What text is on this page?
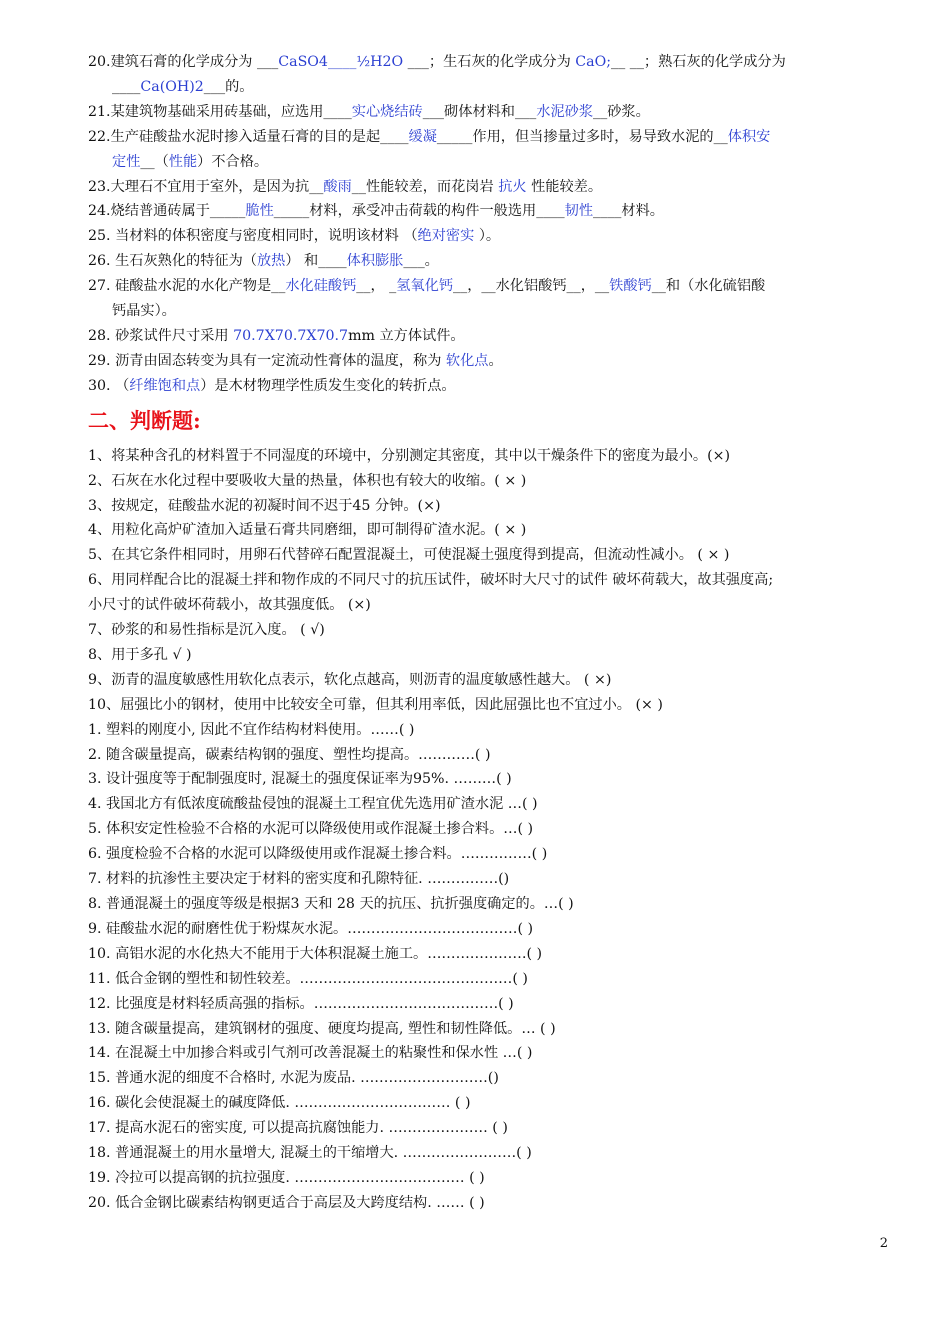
20.建筑石膏的化学成分为 ___CaSO4____½H2O ___；生石灰的化学成分为 CaO;__ __；熟石灰的化学成分为
____Ca(OH)2___的。
21.某建筑物基础采用砖基础，应选用____实心烧结砖___砌体材料和___水泥砂浆__砂浆。
22.生产硅酸盐水泥时掺入适量石膏的目的是起____缓凝_____作用，但当掺量过多时，易导致水泥的__体积安
定性__（性能）不合格。
23.大理石不宜用于室外，是因为抗__酸雨__性能较差，而花岗岩 抗火 性能较差。
24.烧结普通砖属于_____脆性_____材料，承受冲击荷载的构件一般选用____韧性____材料。
25. 当材料的体积密度与密度相同时，说明该材料 （绝对密实 ）。
26. 生石灰熟化的特征为（放热） 和____体积膨胀___。
27. 硅酸盐水泥的水化产物是__水化硅酸钙__， _氢氧化钙__，__水化铝酸钙__，__铁酸钙__和（水化硫铝酸
钙晶实）。
28. 砂浆试件尺寸采用 70.7X70.7X70.7mm 立方体试件。
29. 沥青由固态转变为具有一定流动性膏体的温度，称为 软化点。
30. （纤维饱和点）是木材物理学性质发生变化的转折点。
二、判断题:
1、将某种含孔的材料置于不同湿度的环境中，分别测定其密度，其中以干燥条件下的密度为最小。(×)
2、石灰在水化过程中要吸收大量的热量，体积也有较大的收缩。( × )
3、按规定，硅酸盐水泥的初凝时间不迟于45 分钟。(×)
4、用粒化高炉矿渣加入适量石膏共同磨细，即可制得矿渣水泥。( × )
5、在其它条件相同时，用卵石代替碎石配置混凝土，可使混凝土强度得到提高，但流动性减小。 ( × )
6、用同样配合比的混凝土拌和物作成的不同尺寸的抗压试件，破坏时大尺寸的试件 破坏荷载大，故其强度高;
小尺寸的试件破坏荷载小，故其强度低。 (×)
7、砂浆的和易性指标是沉入度。 ( √)
8、用于多孔 √ )
9、沥青的温度敏感性用软化点表示，软化点越高，则沥青的温度敏感性越大。 ( ×)
10、屈强比小的钢材，使用中比较安全可靠，但其利用率低，因此屈强比也不宜过小。 (× )
1. 塑料的刚度小, 因此不宜作结构材料使用。……( )
2. 随含碳量提高，碳素结构钢的强度、塑性均提高。…………( )
3. 设计强度等于配制强度时, 混凝土的强度保证率为95%. ………( )
4. 我国北方有低浓度硫酸盐侵蚀的混凝土工程宜优先选用矿渣水泥 …( )
5. 体积安定性检验不合格的水泥可以降级使用或作混凝土掺合料。…( )
6. 强度检验不合格的水泥可以降级使用或作混凝土掺合料。……………( )
7. 材料的抗渗性主要决定于材料的密实度和孔隙特征. ……………()
8. 普通混凝土的强度等级是根据3 天和 28 天的抗压、抗折强度确定的。…( )
9. 硅酸盐水泥的耐磨性优于粉煤灰水泥。………………………………( )
10. 高铝水泥的水化热大不能用于大体积混凝土施工。…………………( )
11. 低合金钢的塑性和韧性较差。………………………………………( )
12. 比强度是材料轻质高强的指标。…………………………………( )
13. 随含碳量提高，建筑钢材的强度、硬度均提高, 塑性和韧性降低。… ( )
14. 在混凝土中加掺合料或引气剂可改善混凝土的粘聚性和保水性 …( )
15. 普通水泥的细度不合格时, 水泥为废品. ………………………()
16. 碳化会使混凝土的碱度降低. …………………………… ( )
17. 提高水泥石的密实度, 可以提高抗腐蚀能力. ………………… ( )
18. 普通混凝土的用水量增大, 混凝土的干缩增大. ……………………( )
19. 冷拉可以提高钢的抗拉强度. ……………………………… ( )
20. 低合金钢比碳素结构钢更适合于高层及大跨度结构. …… ( )
2
